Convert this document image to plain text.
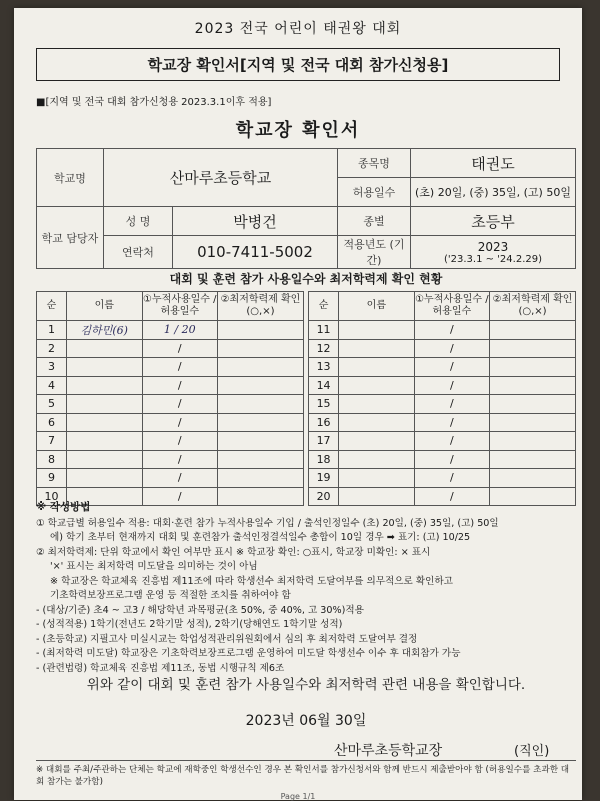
2023 전국 어린이 태권왕 대회
학교장 확인서[지역 및 전국 대회 참가신청용]
■[지역 및 전국 대회 참가신청용 2023.3.1이후 적용]
학교장 확인서
학교명	산마루초등학교		종목명	태권도
			허용일수	(초) 20일, (중) 35일, (고) 50일
학교 담당자	성 명	박병건	종별	초등부
	연락처	010-7411-5002	적용년도 (기간)	2023
('23.3.1 ~ '24.2.29)
대회 및 훈련 참가 사용일수와 최저학력제 확인 현황
순	이름	①누적사용일수 /허용일수	②최저학력제 확인(○,×)		순	이름	①누적사용일수 /허용일수	②최저학력제 확인(○,×)
1	김하민(6)	1 / 20			11		/	
2		/			12		/	
3		/			13		/	
4		/			14		/	
5		/			15		/	
6		/			16		/	
7		/			17		/	
8		/			18		/	
9		/			19		/	
10		/			20		/	
※ 작성방법
① 학교급별 허용일수 적용: 대회·훈련 참가 누적사용일수 기입 / 출석인정일수 (초) 20일, (중) 35일, (고) 50일
에) 학기 초부터 현재까지 대회 및 훈련참가 출석인정결석일수 총합이 10일 경우 ➡ 표기: (고) 10/25
② 최저학력제: 단위 학교에서 확인 여부만 표시 ※ 학교장 확인: ○표시, 학교장 미확인: × 표시
'×' 표시는 최저학력 미도달을 의미하는 것이 아님
※ 학교장은 학교체육 진흥법 제11조에 따라 학생선수 최저학력 도달여부를 의무적으로 확인하고
기초학력보장프로그램 운영 등 적절한 조치를 취하여야 함
- (대상/기준) 초4 ~ 고3 / 해당학년 과목평균(초 50%, 중 40%, 고 30%)적용
- (성적적용) 1학기(전년도 2학기말 성적), 2학기(당해연도 1학기말 성적)
- (초등학교) 지필고사 미실시교는 학업성적관리위원회에서 심의 후 최저학력 도달여부 결정
- (최저학력 미도달) 학교장은 기초학력보장프로그램 운영하여 미도달 학생선수 이수 후 대회참가 가능
- (관련법령) 학교체육 진흥법 제11조, 동법 시행규칙 제6조
위와 같이 대회 및 훈련 참가 사용일수와 최저학력 관련 내용을 확인합니다.
2023년 06월 30일
산마루초등학교장	(직인)
※ 대회를 주최/주관하는 단체는 학교에 재학중인 학생선수인 경우 본 확인서를 참가신청서와 함께 반드시 제출받아야 함 (허용일수를 초과한 대회 참가는 불가함)
Page 1/1
